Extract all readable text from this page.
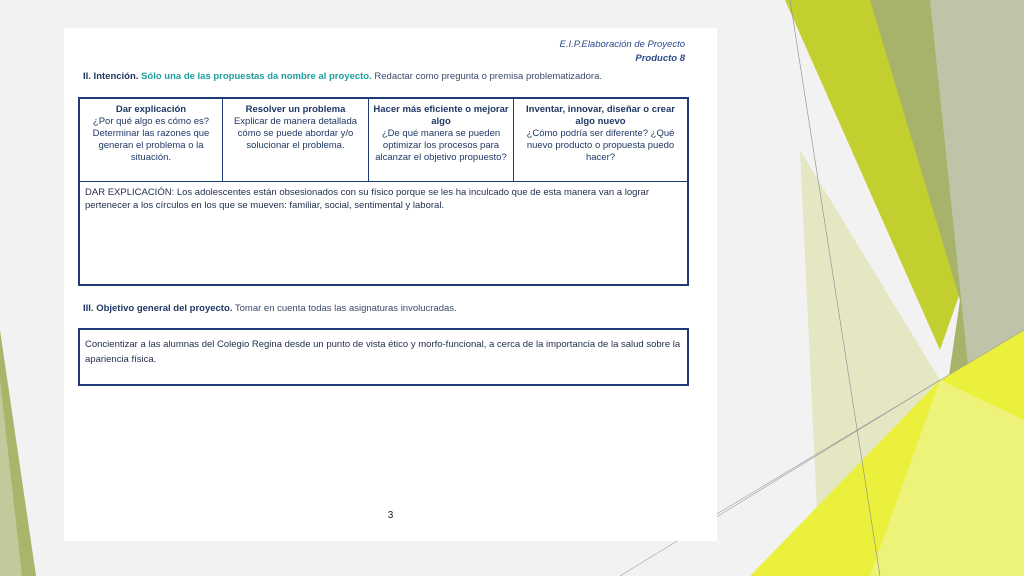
E.I.P.Elaboración de Proyecto
Producto 8
II. Intención. Sólo una de las propuestas da nombre al proyecto. Redactar como pregunta o premisa problematizadora.
Dar explicación
¿Por qué algo es cómo es? Determinar las razones que generan el problema o la situación.
Resolver un problema
Explicar de manera detallada cómo se puede abordar y/o solucionar el problema.
Hacer más eficiente o mejorar algo
¿De qué manera se pueden optimizar los procesos para alcanzar el objetivo propuesto?
Inventar, innovar, diseñar o crear algo nuevo
¿Cómo podría ser diferente? ¿Qué nuevo producto o propuesta puedo hacer?
DAR EXPLICACIÓN: Los adolescentes están obsesionados con su físico porque se les ha inculcado que de esta manera van a lograr pertenecer a los círculos en los que se mueven: familiar, social, sentimental y laboral.
III. Objetivo general del proyecto. Tomar en cuenta todas las asignaturas involucradas.
Concientizar a las alumnas del Colegio Regina desde un punto de vista ético y morfo-funcional, a cerca de la importancia de la salud sobre la apariencia física.
3
